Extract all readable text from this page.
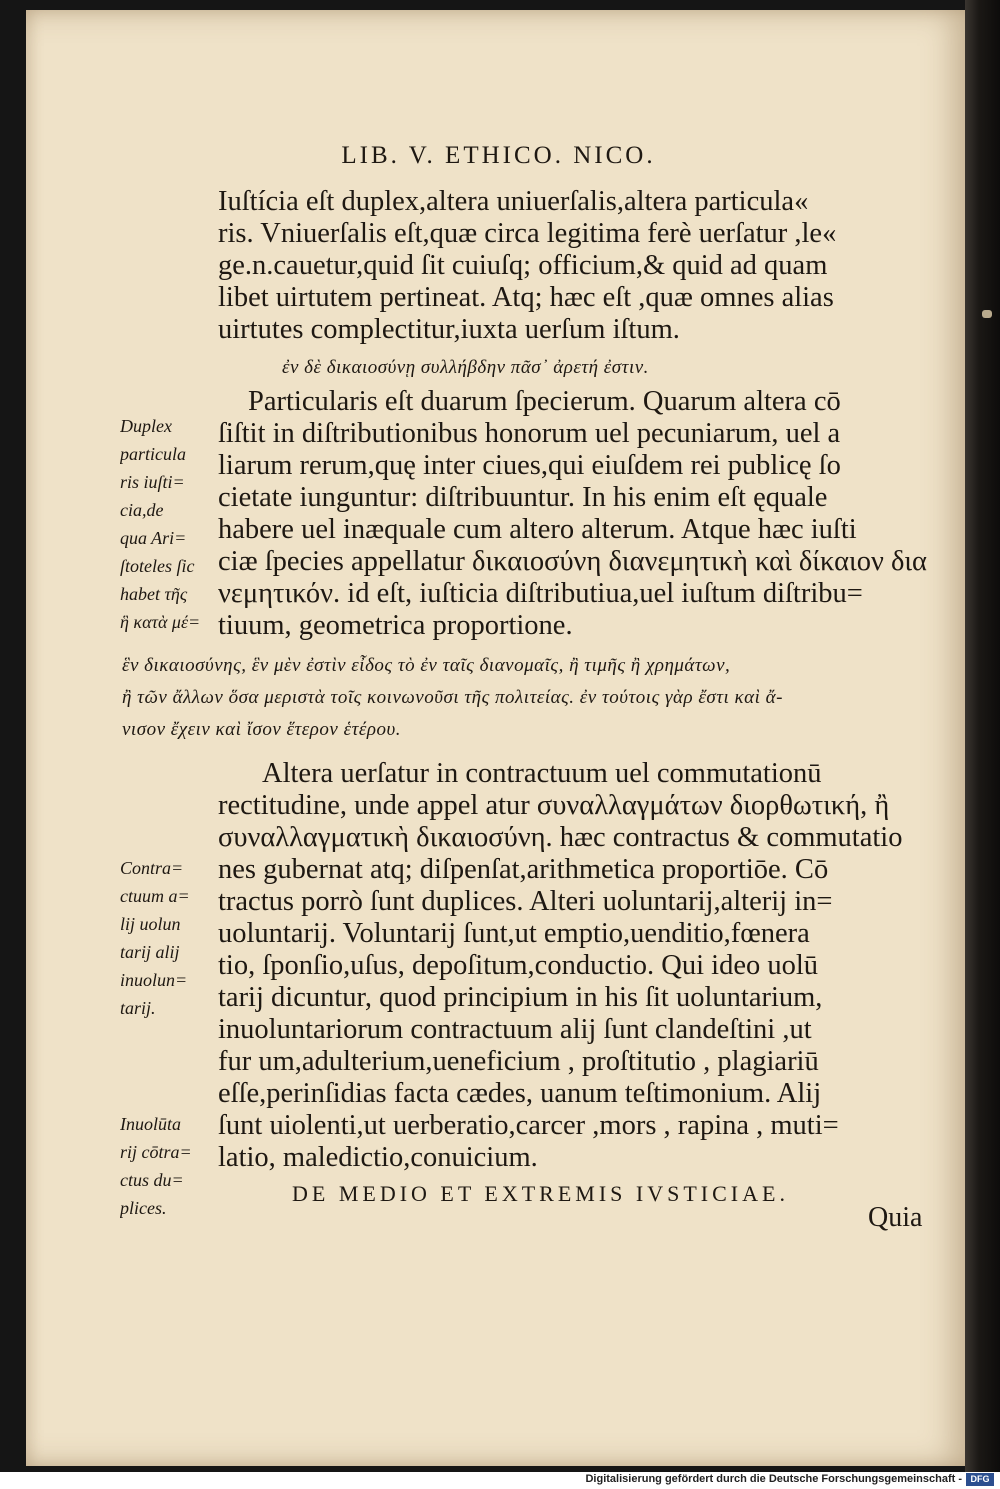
LIB. V. ETHICO. NICO.
Iuſtícia eſt duplex,altera uniuerſalis,altera particula«
ris. Vniuerſalis eſt,quæ circa legitima ferè uerſatur ,le«
ge.n.cauetur,quid ſit cuiuſq; officium,& quid ad quam
libet uirtutem pertineat. Atq; hæc eſt ,quæ omnes alias
uirtutes complectitur,iuxta uerſum iſtum.
ἐν δὲ δικαιοσύνῃ συλλήβδην πᾶσ᾽ ἀρετή ἐστιν.
Particularis eſt duarum ſpecierum. Quarum altera cō
ſiſtit in diſtributionibus honorum uel pecuniarum, uel a
liarum rerum,quę inter ciues,qui eiuſdem rei publicę ſo
cietate iunguntur: diſtribuuntur. In his enim eſt ęquale
habere uel inæquale cum altero alterum. Atque hæc iuſti
ciæ ſpecies appellatur δικαιοσύνη διανεμητικὴ καὶ δίκαιον δια
νεμητικόν. id eſt, iuſticia diſtributiua,uel iuſtum diſtribu=
tiuum, geometrica proportione.
ἓν δικαιοσύνης, ἓν μὲν ἐστὶν εἶδος τὸ ἐν ταῖς διανομαῖς, ἢ τιμῆς ἢ χρημάτων,
ἢ τῶν ἄλλων ὅσα μεριστὰ τοῖς κοινωνοῦσι τῆς πολιτείας. ἐν τούτοις γὰρ ἔστι καὶ ἄ-
νισον ἔχειν καὶ ἴσον ἕτερον ἑτέρου.
Altera uerſatur in contractuum uel commutationū
rectitudine, unde appel atur συναλλαγμάτων διορθωτική, ἢ
συναλλαγματικὴ δικαιοσύνη. hæc contractus & commutatio
nes gubernat atq; diſpenſat,arithmetica proportiōe. Cō
tractus porrò ſunt duplices. Alteri uoluntarij,alterij in=
uoluntarij. Voluntarij ſunt,ut emptio,uenditio,fœnera
tio, ſponſio,uſus, depoſitum,conductio. Qui ideo uolū
tarij dicuntur, quod principium in his ſit uoluntarium,
inuoluntariorum contractuum alij ſunt clandeſtini ,ut
fur um,adulterium,ueneficium , proſtitutio , plagiariū
eſſe,perinſidias facta cædes, uanum teſtimonium. Alij
ſunt uiolenti,ut uerberatio,carcer ,mors , rapina , muti=
latio, maledictio,conuicium.
Duplex
particula
ris iuſti=
cia,de
qua Ari=
ſtoteles ſic
habet τῆς
ἣ κατὰ μέ=
Contra=
ctuum a=
lij uolun
tarij alij
inuolun=
tarij.
Inuolūta
rij cōtra=
ctus du=
plices.
DE MEDIO ET EXTREMIS IVSTICIAE.
Quia
Digitalisierung gefördert durch die Deutsche Forschungsgemeinschaft - DFG
